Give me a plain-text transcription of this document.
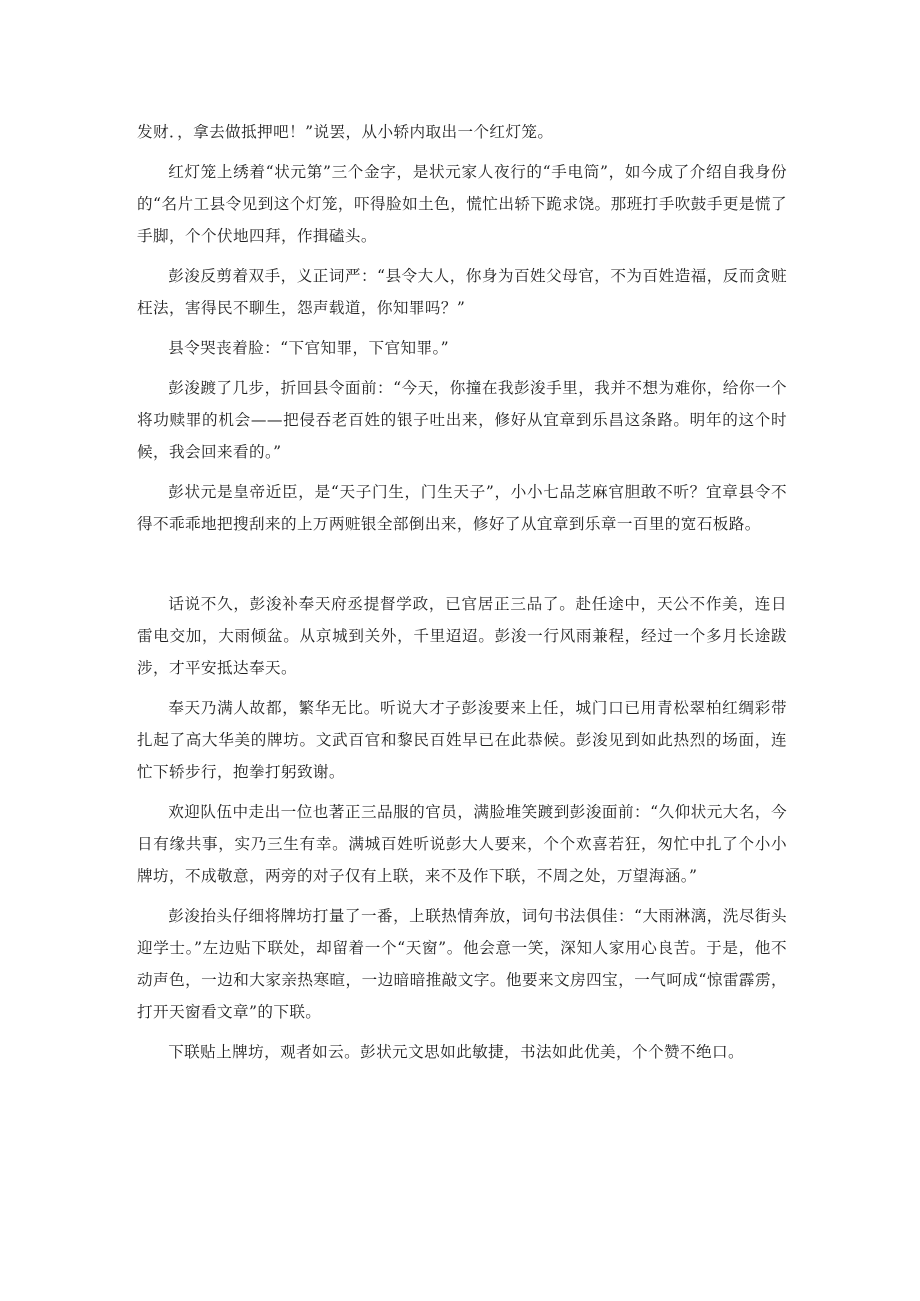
发财．，拿去做抵押吧！”说罢，从小轿内取出一个红灯笼。

红灯笼上绣着“状元第”三个金字，是状元家人夜行的“手电筒”，如今成了介绍自我身份的“名片工县令见到这个灯笼，吓得脸如土色，慌忙出轿下跪求饶。那班打手吹鼓手更是慌了手脚，个个伏地四拜，作揖磕头。

彭浚反剪着双手，义正词严：“县令大人，你身为百姓父母官，不为百姓造福，反而贪赃枉法，害得民不聊生，怨声载道，你知罪吗？”

县令哭丧着脸：“下官知罪，下官知罪。”

彭浚踱了几步，折回县令面前：“今天，你撞在我彭浚手里，我并不想为难你，给你一个将功赎罪的机会——把侵吞老百姓的银子吐出来，修好从宜章到乐昌这条路。明年的这个时候，我会回来看的。”

彭状元是皇帝近臣，是“天子门生，门生天子”，小小七品芝麻官胆敢不听？宜章县令不得不乖乖地把搜刮来的上万两赃银全部倒出来，修好了从宜章到乐章一百里的宽石板路。

话说不久，彭浚补奉天府丞提督学政，已官居正三品了。赴任途中，天公不作美，连日雷电交加，大雨倾盆。从京城到关外，千里迢迢。彭浚一行风雨兼程，经过一个多月长途跋涉，才平安抵达奉天。

奉天乃满人故都，繁华无比。听说大才子彭浚要来上任，城门口已用青松翠柏红绸彩带扎起了高大华美的牌坊。文武百官和黎民百姓早已在此恭候。彭浚见到如此热烈的场面，连忙下轿步行，抱拳打躬致谢。

欢迎队伍中走出一位也著正三品服的官员，满脸堆笑踱到彭浚面前：“久仰状元大名，今日有缘共事，实乃三生有幸。满城百姓听说彭大人要来，个个欢喜若狂，匆忙中扎了个小小牌坊，不成敬意，两旁的对子仅有上联，来不及作下联，不周之处，万望海涵。”

彭浚抬头仔细将牌坊打量了一番，上联热情奔放，词句书法俱佳：“大雨淋漓，洗尽街头迎学士。”左边贴下联处，却留着一个“天窗”。他会意一笑，深知人家用心良苦。于是，他不动声色，一边和大家亲热寒暄，一边暗暗推敲文字。他要来文房四宝，一气呵成“惊雷霹雳，打开天窗看文章”的下联。

下联贴上牌坊，观者如云。彭状元文思如此敏捷，书法如此优美，个个赞不绝口。
